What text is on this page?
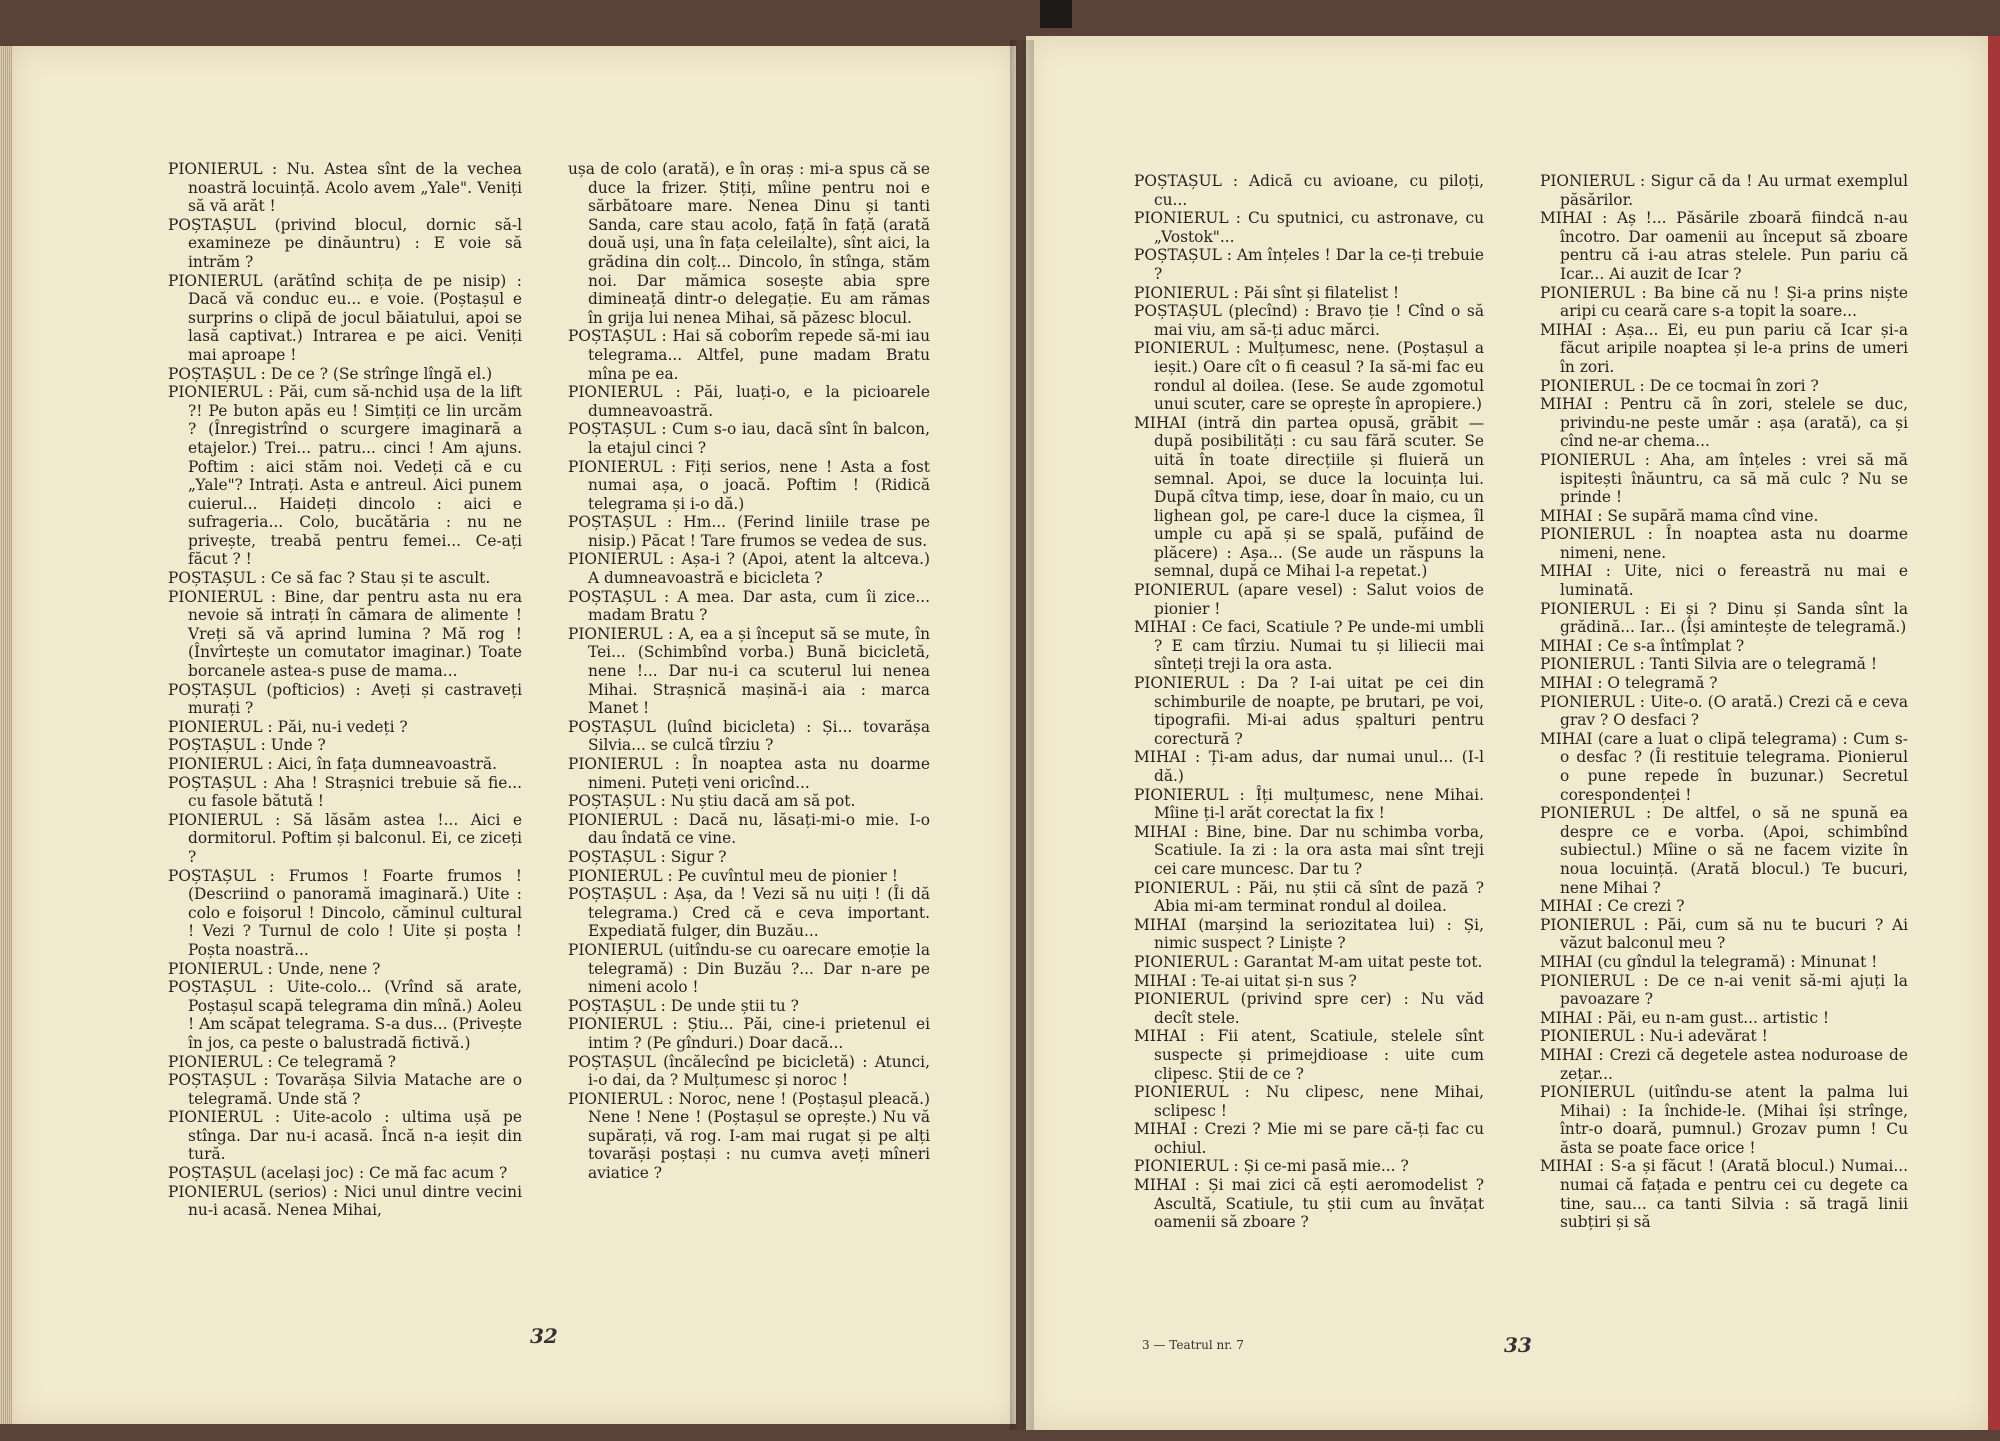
PIONIERUL : Nu. Astea sînt de la vechea noastră locuință. Acolo avem „Yale". Veniți să vă arăt !

POȘTAȘUL (privind blocul, dornic să-l examineze pe dinăuntru) : E voie să intrăm ?

PIONIERUL (arătînd schița de pe nisip) : Dacă vă conduc eu... e voie. (Poștașul e surprins o clipă de jocul băiatului, apoi se lasă captivat.) Intrarea e pe aici. Veniți mai aproape !

POȘTAȘUL : De ce ? (Se strînge lîngă el.)

PIONIERUL : Păi, cum să-nchid ușa de la lift ?! Pe buton apăs eu ! Simțiți ce lin urcăm ? (Înregistrînd o scurgere imaginară a etajelor.) Trei... patru... cinci ! Am ajuns. Poftim : aici stăm noi. Vedeți că e cu „Yale"? Intrați. Asta e antreul. Aici punem cuierul... Haideți dincolo : aici e sufrageria... Colo, bucătăria : nu ne privește, treabă pentru femei... Ce-ați făcut ? !

POȘTAȘUL : Ce să fac ? Stau și te ascult.

PIONIERUL : Bine, dar pentru asta nu era nevoie să intrați în cămara de alimente ! Vreți să vă aprind lumina ? Mă rog ! (Învîrtește un comutator imaginar.) Toate borcanele astea-s puse de mama...

POȘTAȘUL (pofticios) : Aveți și castraveți murați ?

PIONIERUL : Păi, nu-i vedeți ?

POȘTAȘUL : Unde ?

PIONIERUL : Aici, în fața dumneavoastră.

POȘTAȘUL : Aha ! Strașnici trebuie să fie... cu fasole bătută !

PIONIERUL : Să lăsăm astea !... Aici e dormitorul. Poftim și balconul. Ei, ce ziceți ?

POȘTAȘUL : Frumos ! Foarte frumos ! (Descriind o panoramă imaginară.) Uite : colo e foișorul ! Dincolo, căminul cultural ! Vezi ? Turnul de colo ! Uite și poșta ! Poșta noastră...

PIONIERUL : Unde, nene ?

POȘTAȘUL : Uite-colo... (Vrînd să arate, Poștașul scapă telegrama din mînă.) Aoleu ! Am scăpat telegrama. S-a dus... (Privește în jos, ca peste o balustradă fictivă.)

PIONIERUL : Ce telegramă ?

POȘTAȘUL : Tovarășa Silvia Matache are o telegramă. Unde stă ?

PIONIERUL : Uite-acolo : ultima ușă pe stînga. Dar nu-i acasă. Încă n-a ieșit din tură.

POȘTAȘUL (același joc) : Ce mă fac acum ?

PIONIERUL (serios) : Nici unul dintre vecini nu-i acasă. Nenea Mihai,

ușa de colo (arată), e în oraș : mi-a spus că se duce la frizer. Știți, mîine pentru noi e sărbătoare mare. Nenea Dinu și tanti Sanda, care stau acolo, față în față (arată două uși, una în fața celeilalte), sînt aici, la grădina din colț... Dincolo, în stînga, stăm noi. Dar mămica sosește abia spre dimineață dintr-o delegație. Eu am rămas în grija lui nenea Mihai, să păzesc blocul.

POȘTAȘUL : Hai să coborîm repede să-mi iau telegrama... Altfel, pune madam Bratu mîna pe ea.

PIONIERUL : Păi, luați-o, e la picioarele dumneavoastră.

POȘTAȘUL : Cum s-o iau, dacă sînt în balcon, la etajul cinci ?

PIONIERUL : Fiți serios, nene ! Asta a fost numai așa, o joacă. Poftim ! (Ridică telegrama și i-o dă.)

POȘTAȘUL : Hm... (Ferind liniile trase pe nisip.) Păcat ! Tare frumos se vedea de sus.

PIONIERUL : Așa-i ? (Apoi, atent la altceva.) A dumneavoastră e bicicleta ?

POȘTAȘUL : A mea. Dar asta, cum îi zice... madam Bratu ?

PIONIERUL : A, ea a și început să se mute, în Tei... (Schimbînd vorba.) Bună bicicletă, nene !... Dar nu-i ca scuterul lui nenea Mihai. Strașnică mașină-i aia : marca Manet !

POȘTAȘUL (luînd bicicleta) : Și... tovarășa Silvia... se culcă tîrziu ?

PIONIERUL : În noaptea asta nu doarme nimeni. Puteți veni oricînd...

POȘTAȘUL : Nu știu dacă am să pot.

PIONIERUL : Dacă nu, lăsați-mi-o mie. I-o dau îndată ce vine.

POȘTAȘUL : Sigur ?

PIONIERUL : Pe cuvîntul meu de pionier !

POȘTAȘUL : Așa, da ! Vezi să nu uiți ! (Îi dă telegrama.) Cred că e ceva important. Expediată fulger, din Buzău...

PIONIERUL (uitîndu-se cu oarecare emoție la telegramă) : Din Buzău ?... Dar n-are pe nimeni acolo !

POȘTAȘUL : De unde știi tu ?

PIONIERUL : Știu... Păi, cine-i prietenul ei intim ? (Pe gînduri.) Doar dacă...

POȘTAȘUL (încălecînd pe bicicletă) : Atunci, i-o dai, da ? Mulțumesc și noroc !

PIONIERUL : Noroc, nene ! (Poștașul pleacă.) Nene ! Nene ! (Poștașul se oprește.) Nu vă supărați, vă rog. I-am mai rugat și pe alți tovarăși poștași : nu cumva aveți mîneri aviatice ?

32

POȘTAȘUL : Adică cu avioane, cu piloți, cu...

PIONIERUL : Cu sputnici, cu astronave, cu „Vostok"...

POȘTAȘUL : Am înțeles ! Dar la ce-ți trebuie ?

PIONIERUL : Păi sînt și filatelist !

POȘTAȘUL (plecînd) : Bravo ție ! Cînd o să mai viu, am să-ți aduc mărci.

PIONIERUL : Mulțumesc, nene. (Poștașul a ieșit.) Oare cît o fi ceasul ? Ia să-mi fac eu rondul al doilea. (Iese. Se aude zgomotul unui scuter, care se oprește în apropiere.)

MIHAI (intră din partea opusă, grăbit — după posibilități : cu sau fără scuter. Se uită în toate direcțiile și fluieră un semnal. Apoi, se duce la locuința lui. După cîtva timp, iese, doar în maio, cu un lighean gol, pe care-l duce la cișmea, îl umple cu apă și se spală, pufăind de plăcere) : Așa... (Se aude un răspuns la semnal, după ce Mihai l-a repetat.)

PIONIERUL (apare vesel) : Salut voios de pionier !

MIHAI : Ce faci, Scatiule ? Pe unde-mi umbli ? E cam tîrziu. Numai tu și liliecii mai sînteți treji la ora asta.

PIONIERUL : Da ? I-ai uitat pe cei din schimburile de noapte, pe brutari, pe voi, tipografii. Mi-ai adus șpalturi pentru corectură ?

MIHAI : Ți-am adus, dar numai unul... (I-l dă.)

PIONIERUL : Îți mulțumesc, nene Mihai. Mîine ți-l arăt corectat la fix !

MIHAI : Bine, bine. Dar nu schimba vorba, Scatiule. Ia zi : la ora asta mai sînt treji cei care muncesc. Dar tu ?

PIONIERUL : Păi, nu știi că sînt de pază ? Abia mi-am terminat rondul al doilea.

MIHAI (marșind la seriozitatea lui) : Și, nimic suspect ? Liniște ?

PIONIERUL : Garantat M-am uitat peste tot.

MIHAI : Te-ai uitat și-n sus ?

PIONIERUL (privind spre cer) : Nu văd decît stele.

MIHAI : Fii atent, Scatiule, stelele sînt suspecte și primejdioase : uite cum clipesc. Știi de ce ?

PIONIERUL : Nu clipesc, nene Mihai, sclipesc !

MIHAI : Crezi ? Mie mi se pare că-ți fac cu ochiul.

PIONIERUL : Și ce-mi pasă mie... ?

MIHAI : Și mai zici că ești aeromodelist ? Ascultă, Scatiule, tu știi cum au învățat oamenii să zboare ?

PIONIERUL : Sigur că da ! Au urmat exemplul păsărilor.

MIHAI : Aș !... Păsările zboară fiindcă n-au încotro. Dar oamenii au început să zboare pentru că i-au atras stelele. Pun pariu că Icar... Ai auzit de Icar ?

PIONIERUL : Ba bine că nu ! Și-a prins niște aripi cu ceară care s-a topit la soare...

MIHAI : Așa... Ei, eu pun pariu că Icar și-a făcut aripile noaptea și le-a prins de umeri în zori.

PIONIERUL : De ce tocmai în zori ?

MIHAI : Pentru că în zori, stelele se duc, privindu-ne peste umăr : așa (arată), ca și cînd ne-ar chema...

PIONIERUL : Aha, am înțeles : vrei să mă ispitești înăuntru, ca să mă culc ? Nu se prinde !

MIHAI : Se supără mama cînd vine.

PIONIERUL : În noaptea asta nu doarme nimeni, nene.

MIHAI : Uite, nici o fereastră nu mai e luminată.

PIONIERUL : Ei și ? Dinu și Sanda sînt la grădină... Iar... (Își amintește de telegramă.)

MIHAI : Ce s-a întîmplat ?

PIONIERUL : Tanti Silvia are o telegramă !

MIHAI : O telegramă ?

PIONIERUL : Uite-o. (O arată.) Crezi că e ceva grav ? O desfaci ?

MIHAI (care a luat o clipă telegrama) : Cum s-o desfac ? (Îi restituie telegrama. Pionierul o pune repede în buzunar.) Secretul corespondenței !

PIONIERUL : De altfel, o să ne spună ea despre ce e vorba. (Apoi, schimbînd subiectul.) Mîine o să ne facem vizite în noua locuință. (Arată blocul.) Te bucuri, nene Mihai ?

MIHAI : Ce crezi ?

PIONIERUL : Păi, cum să nu te bucuri ? Ai văzut balconul meu ?

MIHAI (cu gîndul la telegramă) : Minunat !

PIONIERUL : De ce n-ai venit să-mi ajuți la pavoazare ?

MIHAI : Păi, eu n-am gust... artistic !

PIONIERUL : Nu-i adevărat !

MIHAI : Crezi că degetele astea noduroase de zețar...

PIONIERUL (uitîndu-se atent la palma lui Mihai) : Ia închide-le. (Mihai își strînge, într-o doară, pumnul.) Grozav pumn ! Cu ăsta se poate face orice !

MIHAI : S-a și făcut ! (Arată blocul.) Numai... numai că fațada e pentru cei cu degete ca tine, sau... ca tanti Silvia : să tragă linii subțiri și să

3 — Teatrul nr. 7	33
